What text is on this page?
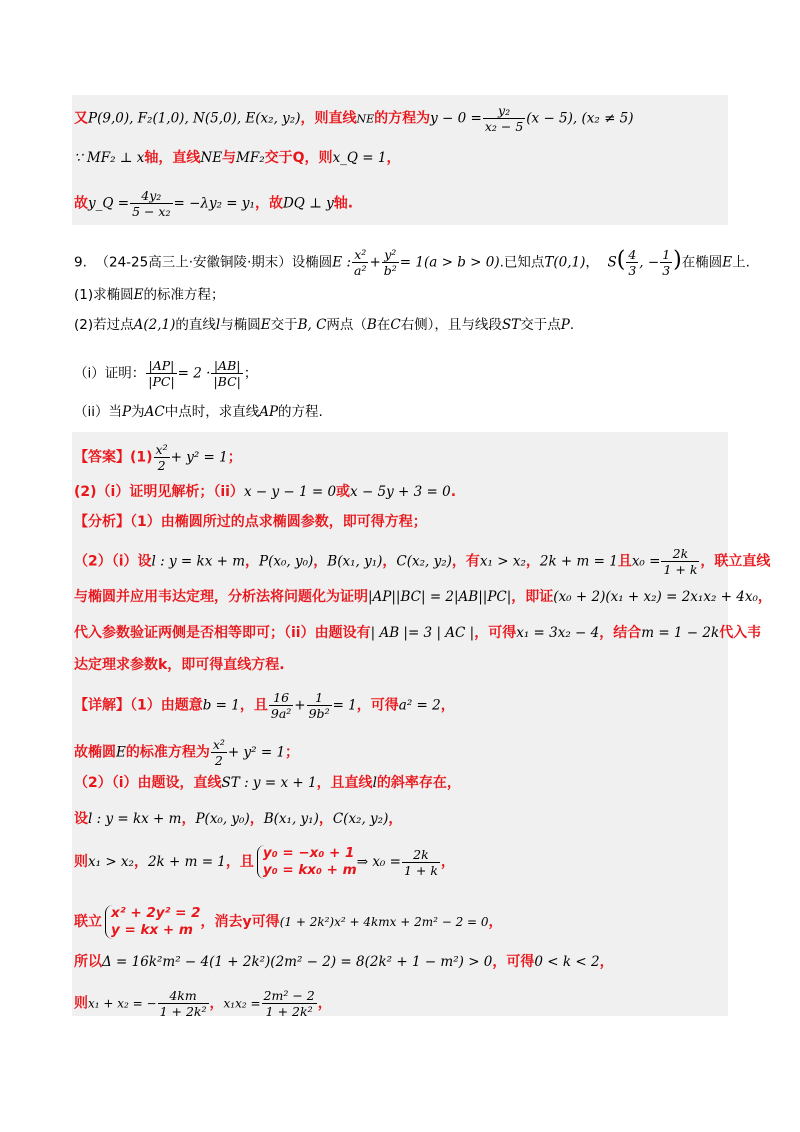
又P(9,0), F₂(1,0), N(5,0), E(x₂, y₂)，则直线NE的方程为$y - 0 = \frac{\text{y₂}}{\text{x₂ − 5}} (x - 5)$, (x₂ ≠ 5)
∵ MF₂ ⊥ x轴，直线NE与MF₂交于Q，则x_Q = 1，
故y_Q = $\frac{\text{4y₂}}{\text{5 − x₂}} = -\lambda y_2 = y_1$，故DQ ⊥ y轴.
9. （24-25高三上·安徽铜陵·期末）设椭圆E : $\frac{\text{x²}}{\text{a²}} + \frac{\text{y²}}{\text{b²}} = 1(a > b > 0)$.已知点T(0,1)， $S( \frac{4}{3}$ , − $\frac{1}{3}$ )在椭圆E上.
(1)求椭圆E的标准方程；
(2)若过点A(2,1)的直线l与椭圆E交于B, C两点（B在C右侧），且与线段ST交于点P.
（i）证明： $\frac{|AP|}{|PC|} = 2 \cdot \frac{|AB|}{|BC|}$ ；
（ii）当P为AC中点时，求直线AP的方程.
【答案】$(1) \frac{\text{x²}}{2} + y^2 = 1$；
(2)（i）证明见解析；（ii）x − y − 1 = 0或x − 5y + 3 = 0.
【分析】（1）由椭圆所过的点求椭圆参数，即可得方程；
（2）（i）设l : y = kx + m，P(x₀, y₀)，B(x₁, y₁)，C(x₂, y₂)，有x₁ > x₂，2k + m = 1且$x_0 = \frac{2k}{1 + k}$ ，联立直线
与椭圆并应用韦达定理，分析法将问题化为证明|AP||BC| = 2|AB||PC|，即证(x₀ + 2)(x₁ + x₂) = 2x₁x₂ + 4x₀，
代入参数验证两侧是否相等即可；（ii）由题设有| AB |= 3 | AC |，可得x₁ = 3x₂ − 4，结合m = 1 − 2k代入韦
达定理求参数k，即可得直线方程.
【详解】（1）由题意b = 1，且 $\frac{16}{\text{9a²}} + \frac{1}{\text{9b²}} = 1$，可得a² = 2，
故椭圆E的标准方程为 $\frac{\text{x²}}{2} + y^2 = 1$；
（2）（i）由题设，直线ST : y = x + 1，且直线l的斜率存在，
设l : y = kx + m，P(x₀, y₀)，B(x₁, y₁)，C(x₂, y₂)，
则x₁ > x₂，2k + m = 1，且
y₀ = −x₀ + 1
y₀ = kx₀ + m ⇒ $x_0 = \frac{2k}{1 + k}$ ，
联立
x² + 2y² = 2
y = kx + m ，消去y可得(1 + 2k²)x² + 4kmx + 2m² − 2 = 0，
所以Δ = 16k²m² − 4(1 + 2k²)(2m² − 2) = 8(2k² + 1 − m²) > 0，可得0 < k < 2，
则x₁ + x₂ = − $\frac{4km}{\text{1 + 2k²}}$ ，$x_1x_2 = \frac{\text{2m² − 2}}{\text{1 + 2k²}}$ ，
